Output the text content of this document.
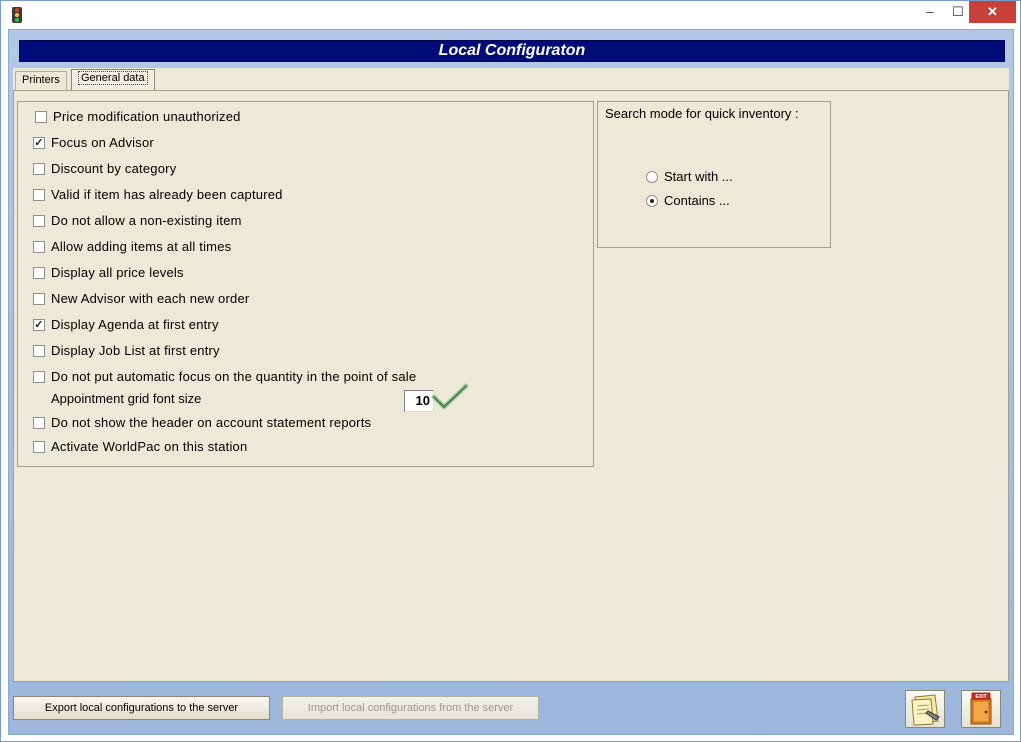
–	☐	✕
Local Configuraton
Printers	General data
Price modification unauthorized
✓ Focus on Advisor
Discount by category
Valid if item has already been captured
Do not allow a non-existing item
Allow adding items at all times
Display all price levels
New Advisor with each new order
✓ Display Agenda at first entry
Display Job List at first entry
Do not put automatic focus on the quantity in the point of sale
Appointment grid font size	10
Do not show the header on account statement reports
Activate WorldPac on this station
Search mode for quick inventory :
Start with ...
Contains ...
Export local configurations to the server	Import local configurations from the server
EXIT
